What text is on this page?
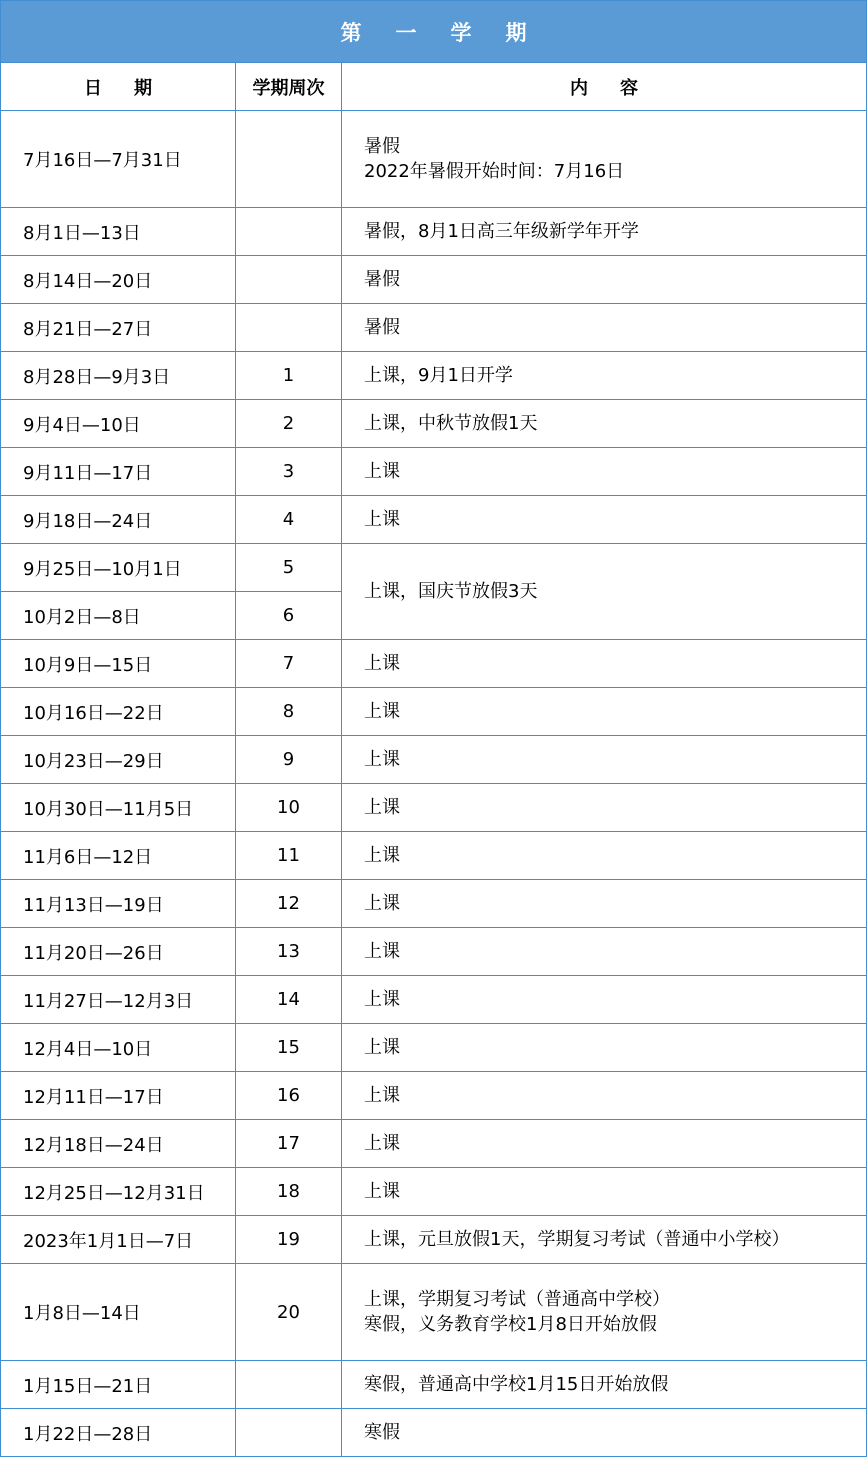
第一学期		
日期	学期周次	内容
7月16日—7月31日		暑假
2022年暑假开始时间：7月16日

8月1日—13日		暑假，8月1日高三年级新学年开学
8月14日—20日		暑假
8月21日—27日		暑假
8月28日—9月3日	1	上课，9月1日开学
9月4日—10日	2	上课，中秋节放假1天
9月11日—17日	3	上课
9月18日—24日	4	上课
9月25日—10月1日	5	上课，国庆节放假3天
10月2日—8日	6	
10月9日—15日	7	上课
10月16日—22日	8	上课
10月23日—29日	9	上课
10月30日—11月5日	10	上课
11月6日—12日	11	上课
11月13日—19日	12	上课
11月20日—26日	13	上课
11月27日—12月3日	14	上课
12月4日—10日	15	上课
12月11日—17日	16	上课
12月18日—24日	17	上课
12月25日—12月31日	18	上课
2023年1月1日—7日	19	上课，元旦放假1天，学期复习考试（普通中小学校）
1月8日—14日	20	上课，学期复习考试（普通高中学校）
寒假，义务教育学校1月8日开始放假

1月15日—21日		寒假，普通高中学校1月15日开始放假
1月22日—28日		寒假
